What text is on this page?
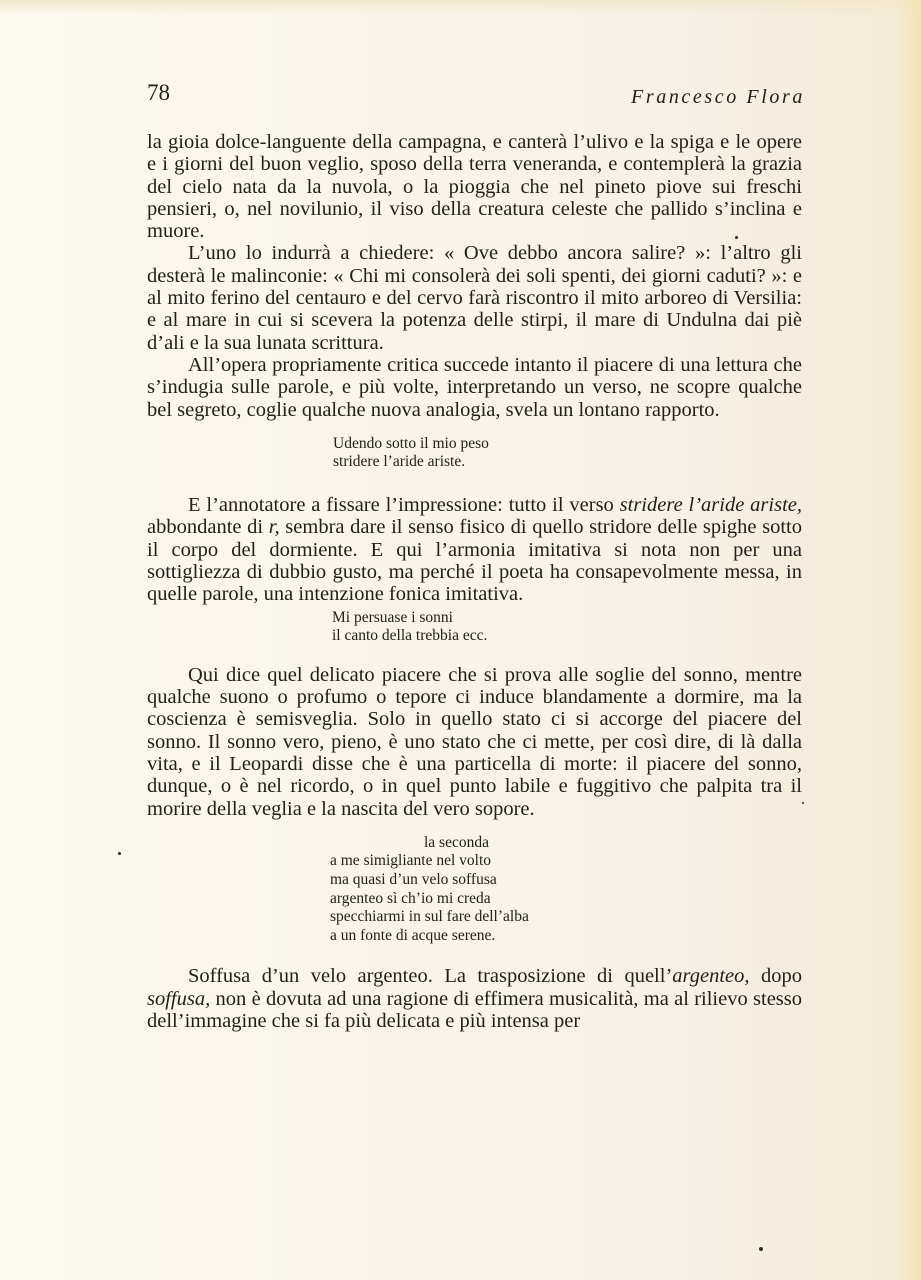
78	Francesco Flora

la gioia dolce-languente della campagna, e canterà l’ulivo e la spiga e le opere e i giorni del buon veglio, sposo della terra veneranda, e contemplerà la grazia del cielo nata da la nuvola, o la pioggia che nel pineto piove sui freschi pensieri, o, nel novilunio, il viso della creatura celeste che pallido s’inclina e muore.

L’uno lo indurrà a chiedere: « Ove debbo ancora salire? »: l’altro gli desterà le malinconie: « Chi mi consolerà dei soli spenti, dei giorni caduti? »: e al mito ferino del centauro e del cervo farà riscontro il mito arboreo di Versilia: e al mare in cui si scevera la potenza delle stirpi, il mare di Undulna dai piè d’ali e la sua lunata scrittura.

All’opera propriamente critica succede intanto il piacere di una lettura che s’indugia sulle parole, e più volte, interpretando un verso, ne scopre qualche bel segreto, coglie qualche nuova analogia, svela un lontano rapporto.

Udendo sotto il mio peso
stridere l’aride ariste.

E l’annotatore a fissare l’impressione: tutto il verso stridere l’aride ariste, abbondante di r, sembra dare il senso fisico di quello stridore delle spighe sotto il corpo del dormiente. E qui l’armonia imitativa si nota non per una sottigliezza di dubbio gusto, ma perché il poeta ha consapevolmente messa, in quelle parole, una intenzione fonica imitativa.

Mi persuase i sonni
il canto della trebbia ecc.

Qui dice quel delicato piacere che si prova alle soglie del sonno, mentre qualche suono o profumo o tepore ci induce blandamente a dormire, ma la coscienza è semisveglia. Solo in quello stato ci si accorge del piacere del sonno. Il sonno vero, pieno, è uno stato che ci mette, per così dire, di là dalla vita, e il Leopardi disse che è una particella di morte: il piacere del sonno, dunque, o è nel ricordo, o in quel punto labile e fuggitivo che palpita tra il morire della veglia e la nascita del vero sopore.

la seconda
a me simigliante nel volto
ma quasi d’un velo soffusa
argenteo sì ch’io mi creda
specchiarmi in sul fare dell’alba
a un fonte di acque serene.

Soffusa d’un velo argenteo. La trasposizione di quell’argenteo, dopo soffusa, non è dovuta ad una ragione di effimera musicalità, ma al rilievo stesso dell’immagine che si fa più delicata e più intensa per
